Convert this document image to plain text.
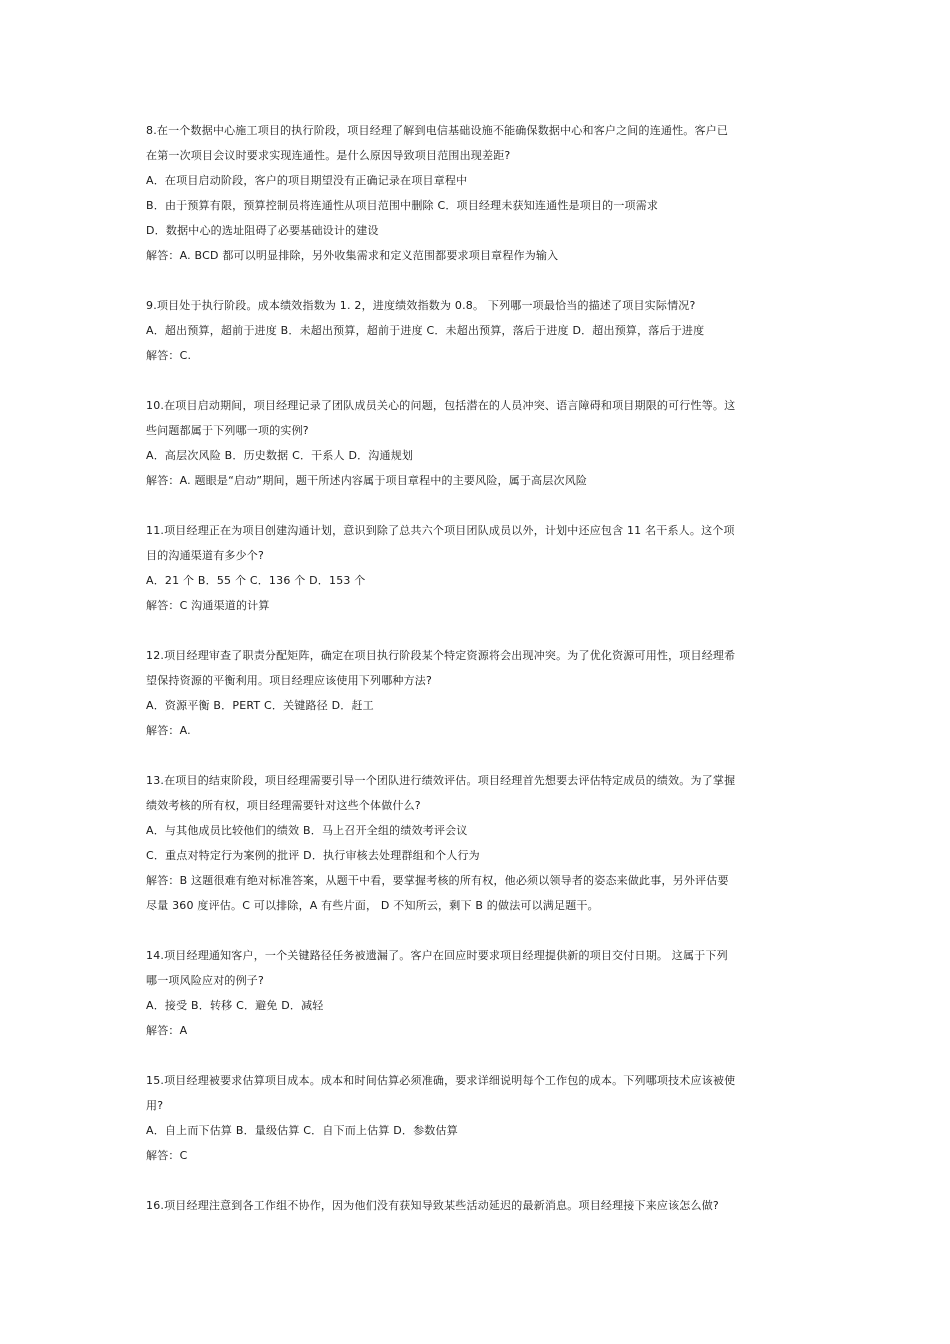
8.在一个数据中心施工项目的执行阶段，项目经理了解到电信基础设施不能确保数据中心和客户之间的连通性。客户已
在第一次项目会议时要求实现连通性。是什么原因导致项目范围出现差距?
A．在项目启动阶段，客户的项目期望没有正确记录在项目章程中
B．由于预算有限，预算控制员将连通性从项目范围中删除 C．项目经理未获知连通性是项目的一项需求
D．数据中心的选址阻碍了必要基础设计的建设
解答：A. BCD 都可以明显排除，另外收集需求和定义范围都要求项目章程作为输入
9.项目处于执行阶段。成本绩效指数为 1. 2，进度绩效指数为 0.8。 下列哪一项最恰当的描述了项目实际情况?
A．超出预算，超前于进度 B．未超出预算，超前于进度 C．未超出预算，落后于进度 D．超出预算，落后于进度
解答：C.
10.在项目启动期间，项目经理记录了团队成员关心的问题，包括潜在的人员冲突、语言障碍和项目期限的可行性等。这
些问题都属于下列哪一项的实例?
A．高层次风险 B．历史数据 C．干系人 D．沟通规划
解答：A. 题眼是“启动”期间，题干所述内容属于项目章程中的主要风险，属于高层次风险
11.项目经理正在为项目创建沟通计划，意识到除了总共六个项目团队成员以外，计划中还应包含 11 名干系人。这个项
目的沟通渠道有多少个?
A．21 个 B．55 个 C．136 个 D．153 个
解答：C 沟通渠道的计算
12.项目经理审查了职责分配矩阵，确定在项目执行阶段某个特定资源将会出现冲突。为了优化资源可用性，项目经理希
望保持资源的平衡利用。项目经理应该使用下列哪种方法?
A．资源平衡 B．PERT C．关键路径 D．赶工
解答：A.
13.在项目的结束阶段，项目经理需要引导一个团队进行绩效评估。项目经理首先想要去评估特定成员的绩效。为了掌握
绩效考核的所有权，项目经理需要针对这些个体做什么?
A．与其他成员比较他们的绩效 B．马上召开全组的绩效考评会议
C．重点对特定行为案例的批评 D．执行审核去处理群组和个人行为
解答：B 这题很难有绝对标准答案，从题干中看，要掌握考核的所有权，他必须以领导者的姿态来做此事，另外评估要
尽量 360 度评估。C 可以排除，A 有些片面， D 不知所云，剩下 B 的做法可以满足题干。
14.项目经理通知客户，一个关键路径任务被遗漏了。客户在回应时要求项目经理提供新的项目交付日期。 这属于下列
哪一项风险应对的例子?
A．接受 B．转移 C．避免 D．减轻
解答：A
15.项目经理被要求估算项目成本。成本和时间估算必须准确，要求详细说明每个工作包的成本。下列哪项技术应该被使
用?
A．自上而下估算 B．量级估算 C．自下而上估算 D．参数估算
解答：C
16.项目经理注意到各工作组不协作，因为他们没有获知导致某些活动延迟的最新消息。项目经理接下来应该怎么做?
